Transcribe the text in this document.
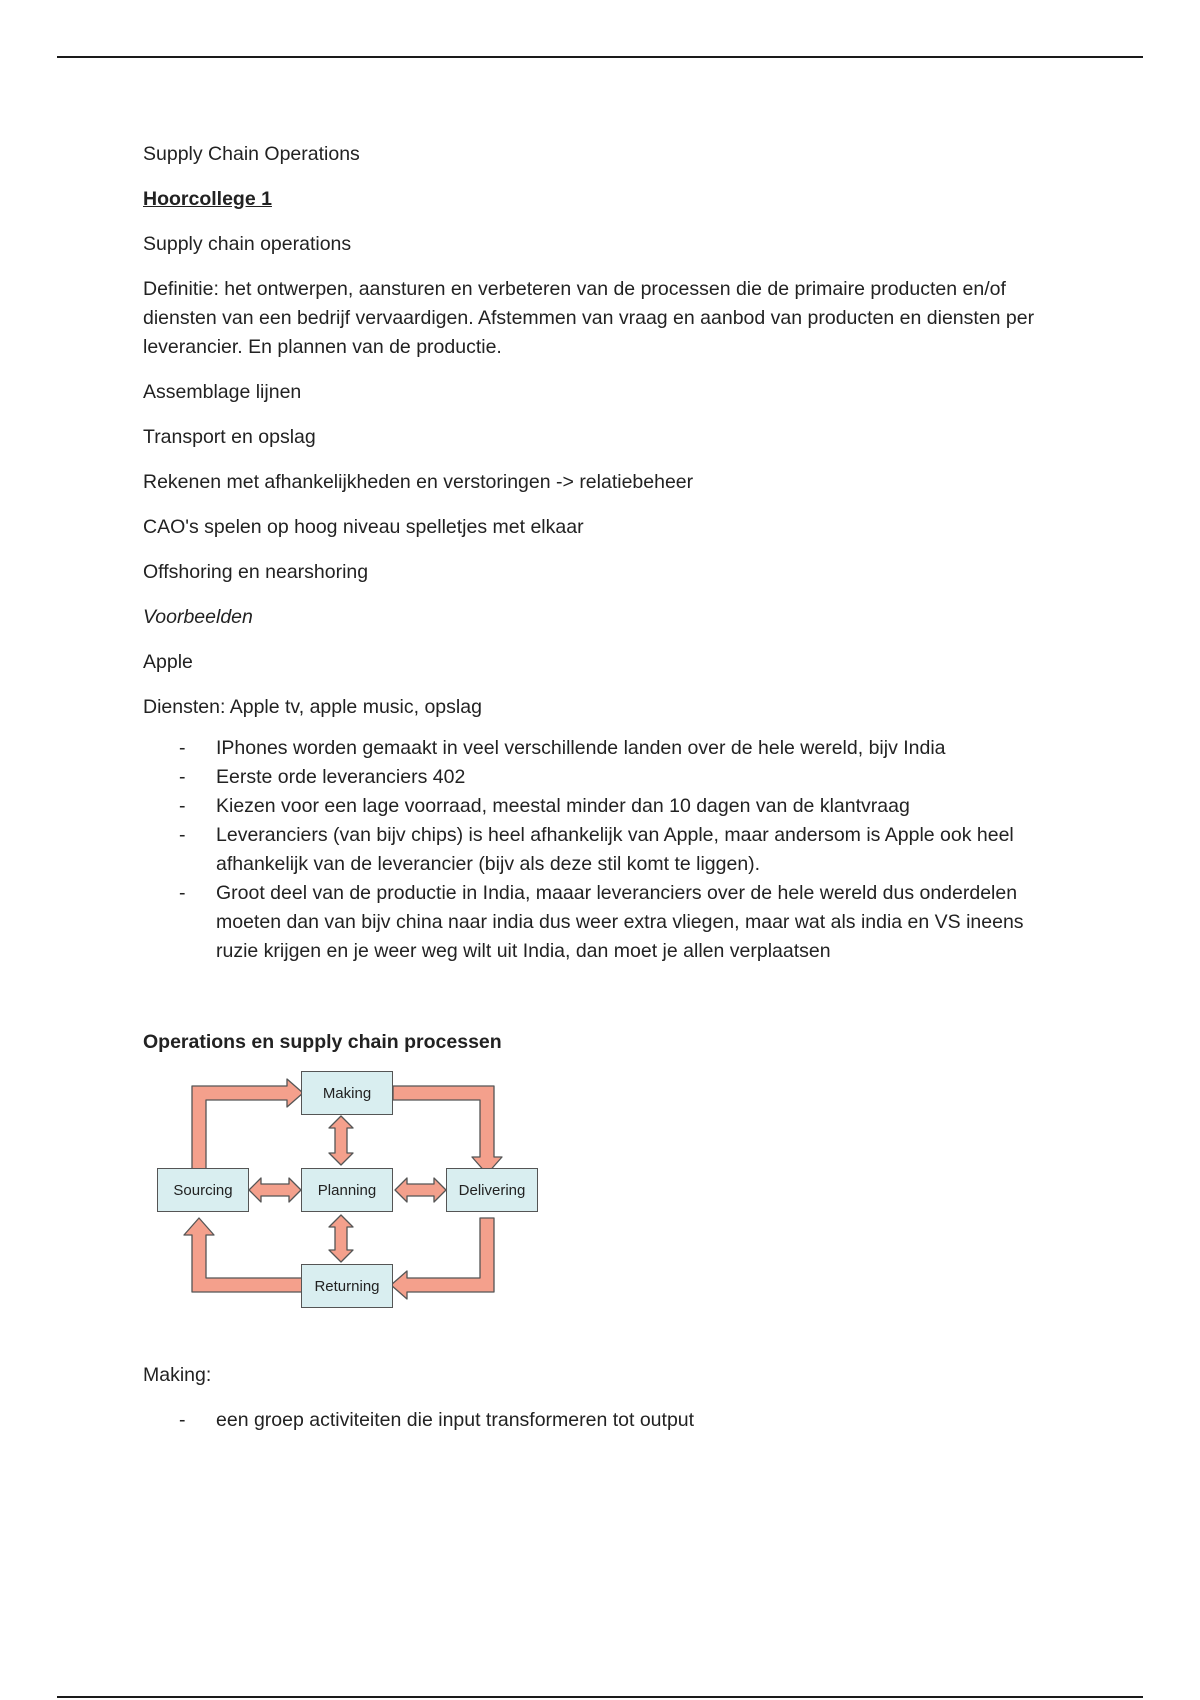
Supply Chain Operations

Hoorcollege 1

Supply chain operations

Definitie: het ontwerpen, aansturen en verbeteren van de processen die de primaire producten en/of diensten van een bedrijf vervaardigen. Afstemmen van vraag en aanbod van producten en diensten per leverancier. En plannen van de productie.

Assemblage lijnen

Transport en opslag

Rekenen met afhankelijkheden en verstoringen -> relatiebeheer

CAO's spelen op hoog niveau spelletjes met elkaar

Offshoring en nearshoring

Voorbeelden

Apple

Diensten: Apple tv, apple music, opslag

- IPhones worden gemaakt in veel verschillende landen over de hele wereld, bijv India
- Eerste orde leveranciers 402
- Kiezen voor een lage voorraad, meestal minder dan 10 dagen van de klantvraag
- Leveranciers (van bijv chips) is heel afhankelijk van Apple, maar andersom is Apple ook heel afhankelijk van de leverancier (bijv als deze stil komt te liggen).
- Groot deel van de productie in India, maaar leveranciers over de hele wereld dus onderdelen moeten dan van bijv china naar india dus weer extra vliegen, maar wat als india en VS ineens ruzie krijgen en je weer weg wilt uit India, dan moet je allen verplaatsen

Operations en supply chain processen

Making
Sourcing	Planning	Delivering
Returning

Making:

- een groep activiteiten die input transformeren tot output
